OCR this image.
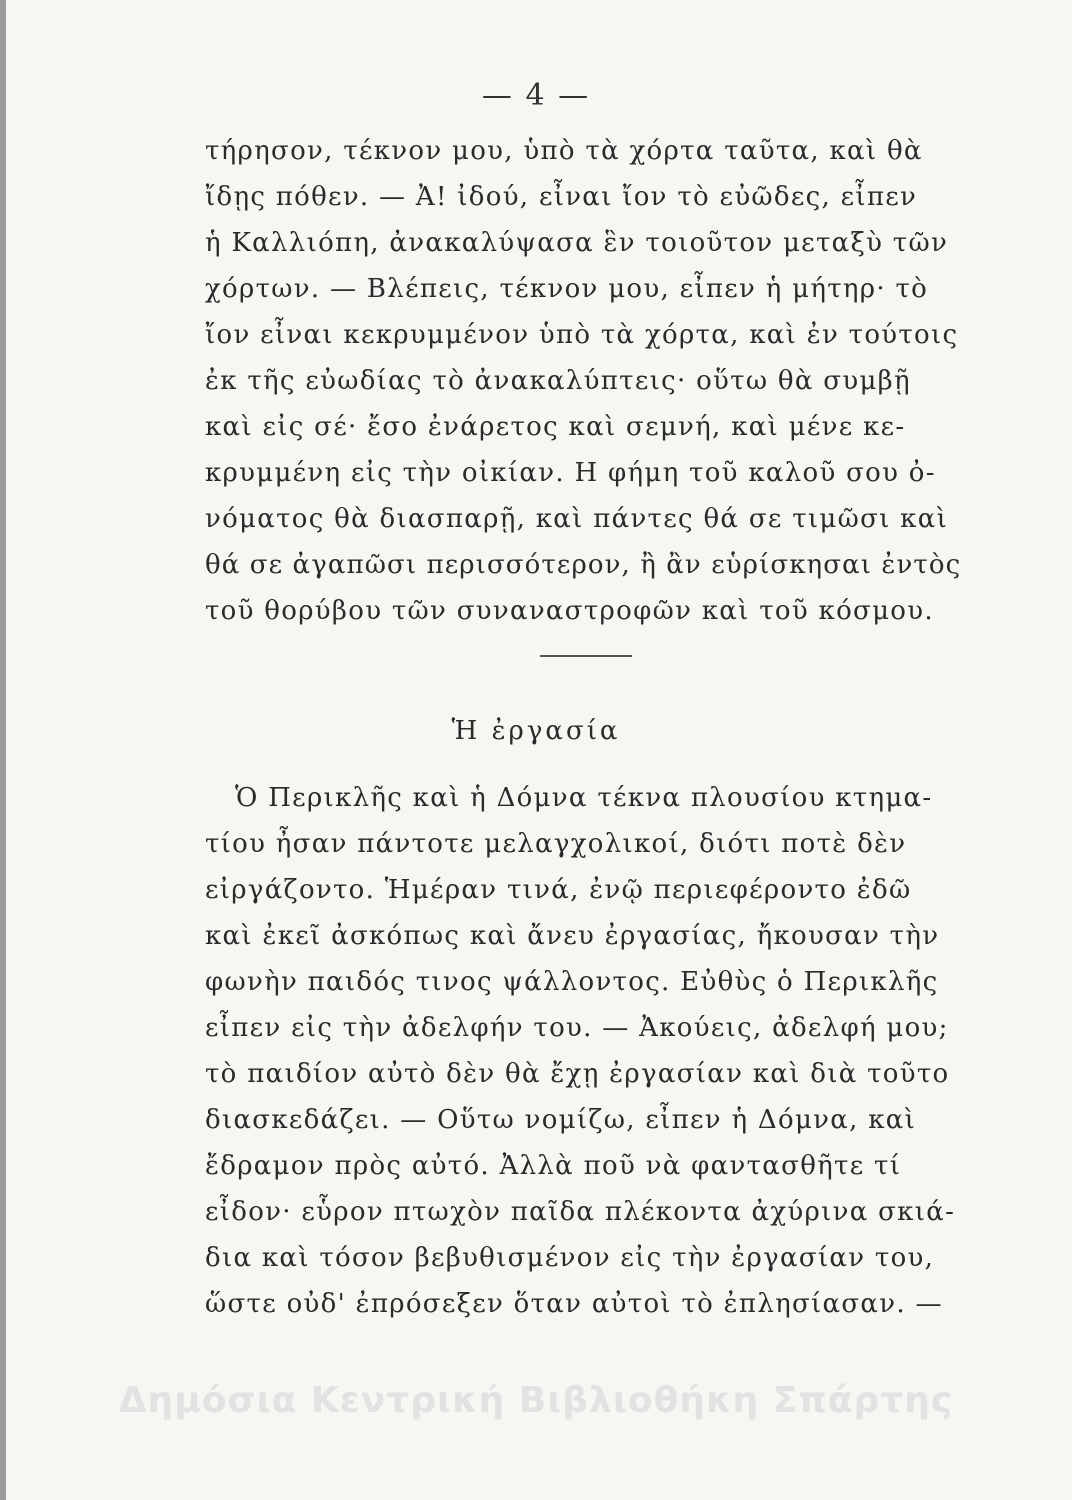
— 4 —
τήρησον, τέκνον μου, ὑπὸ τὰ χόρτα ταῦτα, καὶ θὰ
ἴδῃς πόθεν. — Ἀ! ἰδού, εἶναι ἴον τὸ εὐῶδες, εἶπεν
ἡ Καλλιόπη, ἀνακαλύψασα ἓν τοιοῦτον μεταξὺ τῶν
χόρτων. — Βλέπεις, τέκνον μου, εἶπεν ἡ μήτηρ· τὸ
ἴον εἶναι κεκρυμμένον ὑπὸ τὰ χόρτα, καὶ ἐν τούτοις
ἐκ τῆς εὐωδίας τὸ ἀνακαλύπτεις· οὕτω θὰ συμβῇ
καὶ εἰς σέ· ἔσο ἐνάρετος καὶ σεμνή, καὶ μένε κε-
κρυμμένη εἰς τὴν οἰκίαν. Η φήμη τοῦ καλοῦ σου ὀ-
νόματος θὰ διασπαρῇ, καὶ πάντες θά σε τιμῶσι καὶ
θά σε ἀγαπῶσι περισσότερον, ἢ ἂν εὑρίσκησαι ἐντὸς
τοῦ θορύβου τῶν συναναστροφῶν καὶ τοῦ κόσμου.
Ἡ ἐργασία
Ὁ Περικλῆς καὶ ἡ Δόμνα τέκνα πλουσίου κτημα-
τίου ἦσαν πάντοτε μελαγχολικοί, διότι ποτὲ δὲν
εἰργάζοντο. Ἡμέραν τινά, ἐνῷ περιεφέροντο ἐδῶ
καὶ ἐκεῖ ἀσκόπως καὶ ἄνευ ἐργασίας, ἤκουσαν τὴν
φωνὴν παιδός τινος ψάλλοντος. Εὐθὺς ὁ Περικλῆς
εἶπεν εἰς τὴν ἀδελφήν του. — Ἀκούεις, ἀδελφή μου;
τὸ παιδίον αὐτὸ δὲν θὰ ἔχῃ ἐργασίαν καὶ διὰ τοῦτο
διασκεδάζει. — Οὕτω νομίζω, εἶπεν ἡ Δόμνα, καὶ
ἔδραμον πρὸς αὐτό. Ἀλλὰ ποῦ νὰ φαντασθῆτε τί
εἶδον· εὗρον πτωχὸν παῖδα πλέκοντα ἀχύρινα σκιά-
δια καὶ τόσον βεβυθισμένον εἰς τὴν ἐργασίαν του,
ὥστε οὐδ' ἐπρόσεξεν ὅταν αὐτοὶ τὸ ἐπλησίασαν. —
Δημόσια Κεντρική Βιβλιοθήκη Σπάρτης
